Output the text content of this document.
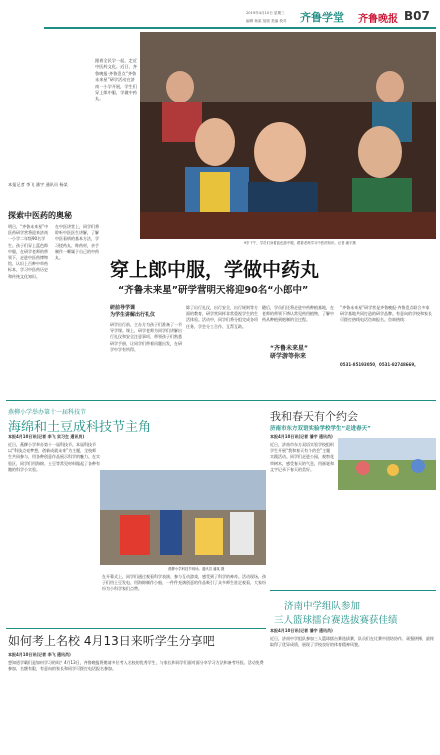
2019年4月10日 星期三
编辑 杨某 组版 美编 校对 齐鲁学堂 齐鲁晚报 B07
跟着全民学一起，走近中医药文化。近日，齐鲁晚报·齐鲁壹点“齐鲁未来星”研学活动在济南一小学开展，学生们穿上郎中服，学做中药丸。
9岁下午，学员们身着蓝色郎中服，跟着老师学习中医药知识。记者 潘宇摄
本报记者 李飞 潘宇 通讯员 杨某
探索中医药的奥秘
明日，“齐鲁未来星”中医药研学营将迎来济南一小学二年级90名学生。孩子们穿上蓝色郎中服，在研学老师的带领下，走进中医药博物馆，认识上百种中草药标本，学习中医药历史和传统文化知识。
在中医讲堂上，同学们将聆听中医医生讲解，了解中医看病的基本方法，学习搓药丸、称药材，亲手制作一颗属于自己的中药丸。
穿上郎中服，学做中药丸
“齐鲁未来星”研学营明天将迎90名“小郎中”
研前导学课
为学生讲解出行礼仪
研学出行前，主办方为孩子们准备了一节导学课。课上，研学老师为同学们讲解出行礼仪和安全注意事项，带领孩子们熟悉研学手册，让同学们带着问题出发，在研学中学有所得。
除了出行礼仪，出行安全，出行规则等方面的教育，研学营同样非常重视学生的生活体验。活动中，同学们将分组完成各项任务，学会分工合作、互帮互助。
随后，学员们还将走进中药种植基地，在老师的带领下辨认常见药用植物，了解中药从种植到炮制的全过程。
“齐鲁未来星”
研学游等你来
“齐鲁未来星”研学营是齐鲁晚报·齐鲁壹点联合多家研学基地共同打造的研学品牌。有意向的学校和家长可拨打热线电话咨询报名。咨询热线：
0531-85193050，0531-82748669。
燕柳小学举办第十一届科技节
海绵和土豆成科技节主角
本报4月10日讯(记者 李飞 实习生 通讯员)
近日，燕柳小学举办第十一届科技节。本届科技节以“科技点亮梦想，创新成就未来”为主题，全校师生共同参与，用各种创意作品展示科学的魅力。在实验区，同学们用海绵、土豆等常见材料做起了各种有趣的科学小实验。
燕柳小学科技节现场。通讯员 潘某 摄
在开幕式上，同学们通过观看科学表演、参与互动游戏，感受到了科学的神奇。活动现场，孩子们用土豆发电、用海绵制作小船，一件件充满创意的作品吸引了众多师生驻足观看，大家纷纷为小科学家们点赞。
我和春天有个约会
济南市东方双语实验学校学生“走进春天”
本报4月10日讯(记者 潘宇 通讯员)
近日，济南市东方双语实验学校组织学生开展“我和春天有个约会”主题实践活动。同学们走进公园，观察花草树木，感受春天的气息，用画笔和文字记录下春天的美好。
济南中学组队参加
三人篮球擂台赛选拔赛获佳绩
本报4月10日讯(记者 潘宇 通讯员)
近日，济南中学组队参加三人篮球擂台赛选拔赛，队员们在比赛中团结协作、顽强拼搏，最终取得了优异成绩，展现了学校良好的体育精神风貌。
如何考上名校 4月13日来听学生分享吧
本报4月10日讯(记者 李飞 通讯员)
想知道学霸们是如何学习的吗？4月13日，齐鲁晚报将邀请多位考入名校的优秀学生，与家长和同学们面对面分享学习方法和备考经验。活动免费参加，名额有限，有意向的家长和同学可拨打电话报名参加。
